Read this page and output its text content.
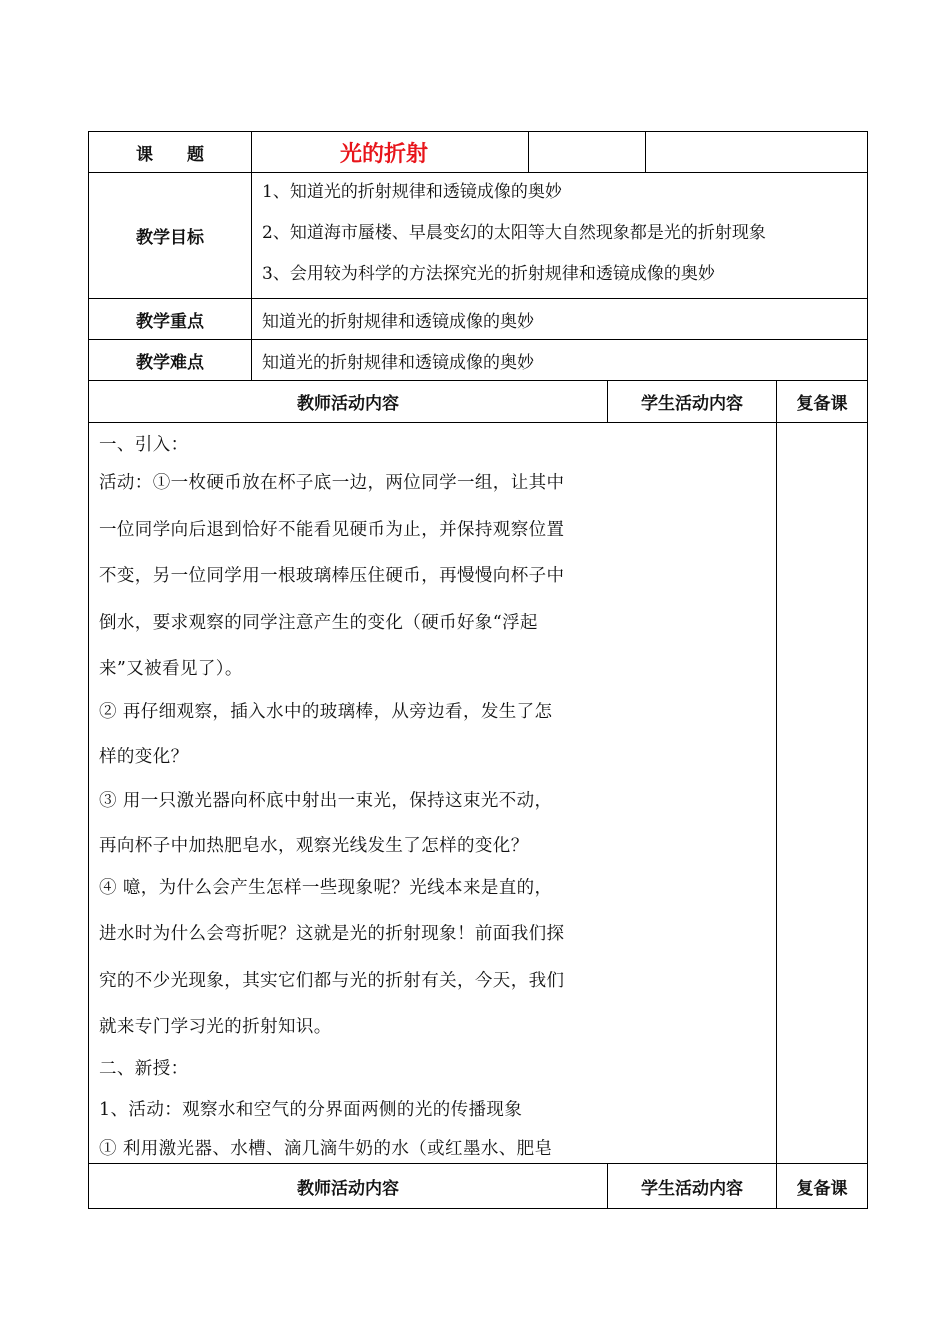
课　　题	光的折射
教学目标
1、知道光的折射规律和透镜成像的奥妙
2、知道海市蜃楼、早晨变幻的太阳等大自然现象都是光的折射现象
3、会用较为科学的方法探究光的折射规律和透镜成像的奥妙
教学重点	知道光的折射规律和透镜成像的奥妙
教学难点	知道光的折射规律和透镜成像的奥妙
教师活动内容	学生活动内容	复备课
一、引入：
活动：①一枚硬币放在杯子底一边，两位同学一组，让其中
一位同学向后退到恰好不能看见硬币为止，并保持观察位置
不变，另一位同学用一根玻璃棒压住硬币，再慢慢向杯子中
倒水，要求观察的同学注意产生的变化（硬币好象“浮起
来”又被看见了）。
② 再仔细观察，插入水中的玻璃棒，从旁边看，发生了怎
样的变化？
③ 用一只激光器向杯底中射出一束光，保持这束光不动，
再向杯子中加热肥皂水，观察光线发生了怎样的变化？
④ 噫，为什么会产生怎样一些现象呢？光线本来是直的，
进水时为什么会弯折呢？这就是光的折射现象！前面我们探
究的不少光现象，其实它们都与光的折射有关，今天，我们
就来专门学习光的折射知识。
二、新授：
1、活动：观察水和空气的分界面两侧的光的传播现象
① 利用激光器、水槽、滴几滴牛奶的水（或红墨水、肥皂
教师活动内容	学生活动内容	复备课
